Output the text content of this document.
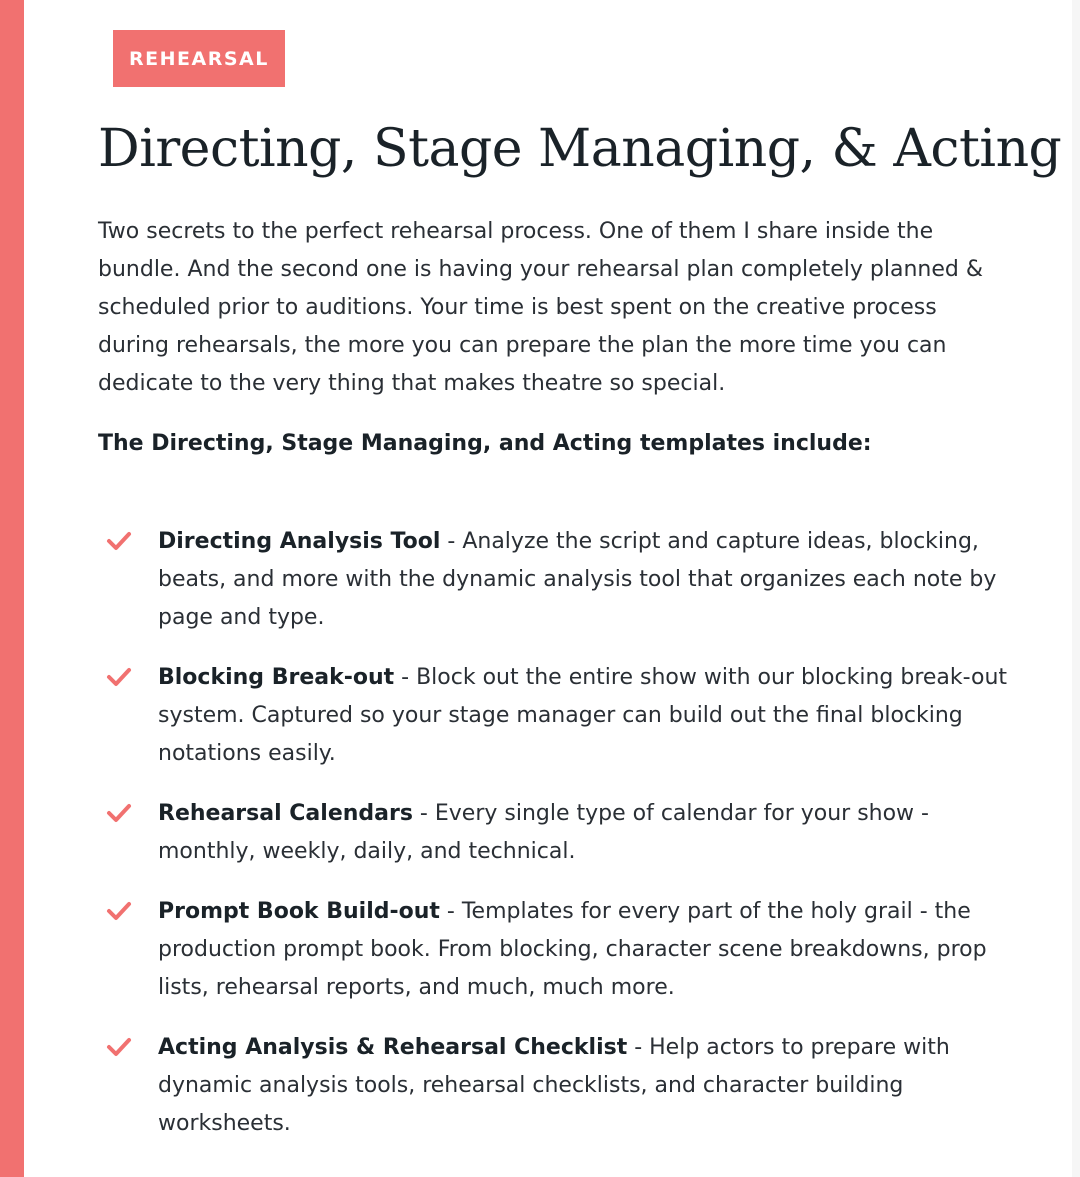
REHEARSAL
Directing, Stage Managing, & Acting

Two secrets to the perfect rehearsal process. One of them I share inside the bundle. And the second one is having your rehearsal plan completely planned & scheduled prior to auditions. Your time is best spent on the creative process during rehearsals, the more you can prepare the plan the more time you can dedicate to the very thing that makes theatre so special.

The Directing, Stage Managing, and Acting templates include:

Directing Analysis Tool - Analyze the script and capture ideas, blocking, beats, and more with the dynamic analysis tool that organizes each note by page and type.
Blocking Break-out - Block out the entire show with our blocking break-out system. Captured so your stage manager can build out the final blocking notations easily.
Rehearsal Calendars - Every single type of calendar for your show - monthly, weekly, daily, and technical.
Prompt Book Build-out - Templates for every part of the holy grail - the production prompt book. From blocking, character scene breakdowns, prop lists, rehearsal reports, and much, much more.
Acting Analysis & Rehearsal Checklist - Help actors to prepare with dynamic analysis tools, rehearsal checklists, and character building worksheets.
